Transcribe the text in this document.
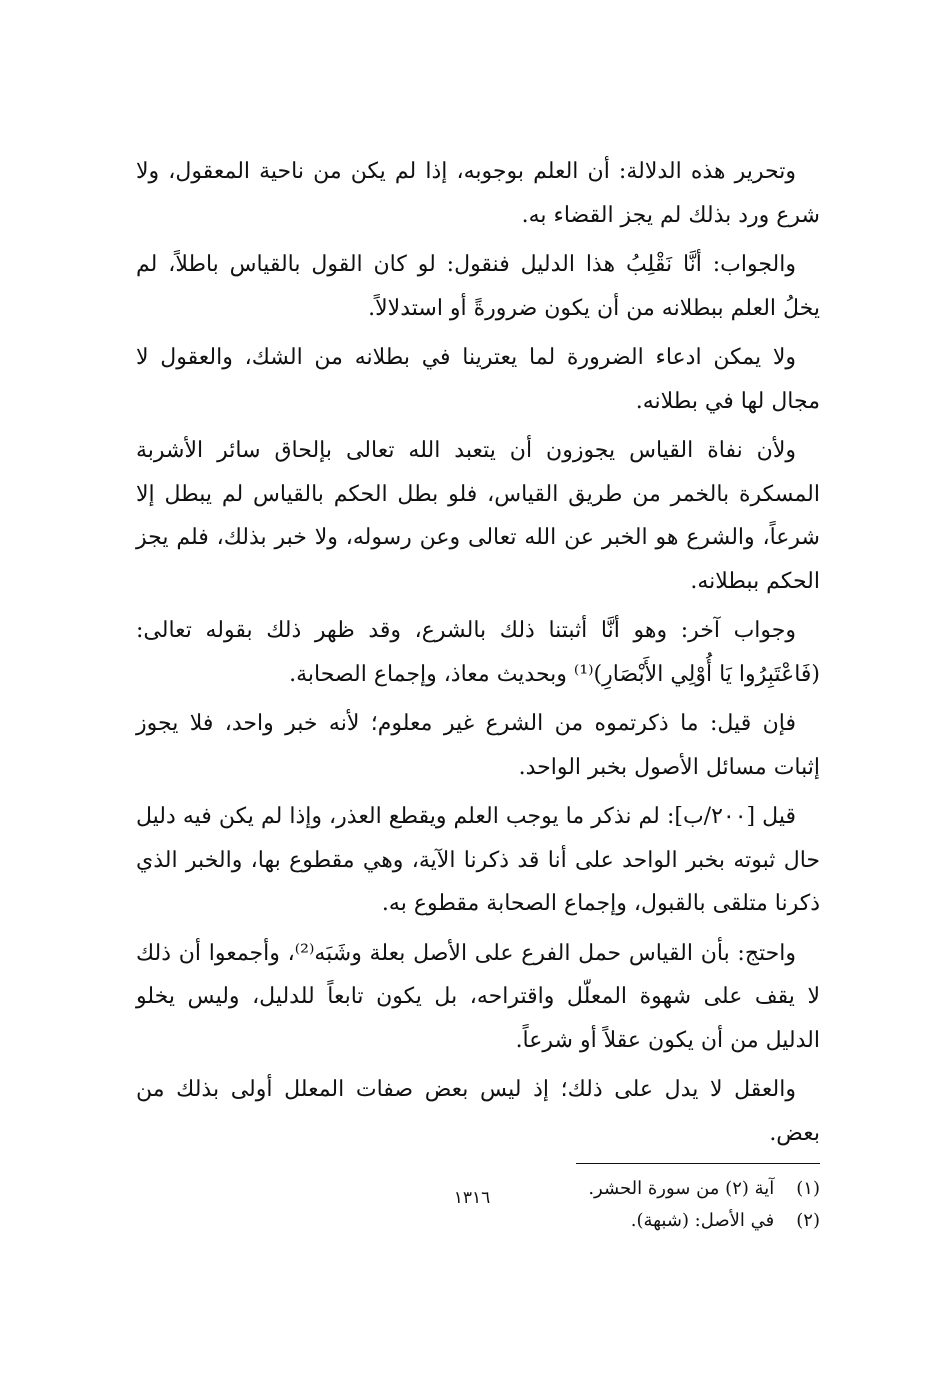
وتحرير هذه الدلالة: أن العلم بوجوبه، إذا لم يكن من ناحية المعقول، ولا شرع ورد بذلك لم يجز القضاء به.

والجواب: أنَّا نَقْلِبُ هذا الدليل فنقول: لو كان القول بالقياس باطلاً، لم يخلُ العلم ببطلانه من أن يكون ضرورةً أو استدلالاً.

ولا يمكن ادعاء الضرورة لما يعترينا في بطلانه من الشك، والعقول لا مجال لها في بطلانه.

ولأن نفاة القياس يجوزون أن يتعبد الله تعالى بإلحاق سائر الأشربة المسكرة بالخمر من طريق القياس، فلو بطل الحكم بالقياس لم يبطل إلا شرعاً، والشرع هو الخبر عن الله تعالى وعن رسوله، ولا خبر بذلك، فلم يجز الحكم ببطلانه.

وجواب آخر: وهو أنَّا أثبتنا ذلك بالشرع، وقد ظهر ذلك بقوله تعالى: (فَاعْتَبِرُوا يَا أُوْلِي الأَبْصَارِ)⁽¹⁾ وبحديث معاذ، وإجماع الصحابة.

فإن قيل: ما ذكرتموه من الشرع غير معلوم؛ لأنه خبر واحد، فلا يجوز إثبات مسائل الأصول بخبر الواحد.

قيل [٢٠٠/ب]: لم نذكر ما يوجب العلم ويقطع العذر، وإذا لم يكن فيه دليل حال ثبوته بخبر الواحد على أنا قد ذكرنا الآية، وهي مقطوع بها، والخبر الذي ذكرنا متلقى بالقبول، وإجماع الصحابة مقطوع به.

واحتج: بأن القياس حمل الفرع على الأصل بعلة وشَبَه⁽²⁾، وأجمعوا أن ذلك لا يقف على شهوة المعلّل واقتراحه، بل يكون تابعاً للدليل، وليس يخلو الدليل من أن يكون عقلاً أو شرعاً.

والعقل لا يدل على ذلك؛ إذ ليس بعض صفات المعلل أولى بذلك من بعض.

(١) آية (٢) من سورة الحشر.
(٢) في الأصل: (شبهة).
١٣١٦
